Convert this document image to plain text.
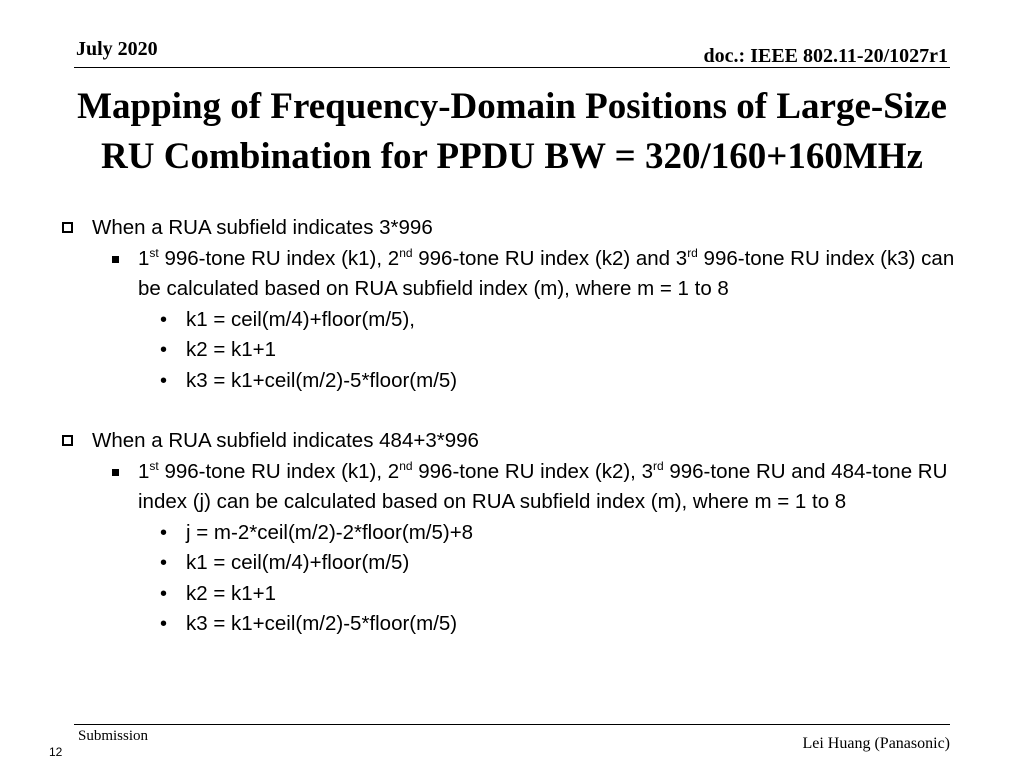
July 2020	doc.: IEEE 802.11-20/1027r1
Mapping of Frequency-Domain Positions of Large-Size
RU Combination for PPDU BW = 320/160+160MHz
When a RUA subfield indicates 3*996
1st 996-tone RU index (k1), 2nd 996-tone RU index (k2) and 3rd 996-tone RU index (k3) can be calculated based on RUA subfield index (m), where m = 1 to 8
• k1 = ceil(m/4)+floor(m/5),
• k2 = k1+1
• k3 = k1+ceil(m/2)-5*floor(m/5)
When a RUA subfield indicates 484+3*996
1st 996-tone RU index (k1), 2nd 996-tone RU index (k2), 3rd 996-tone RU and 484-tone RU index (j) can be calculated based on RUA subfield index (m), where m = 1 to 8
• j = m-2*ceil(m/2)-2*floor(m/5)+8
• k1 = ceil(m/4)+floor(m/5)
• k2 = k1+1
• k3 = k1+ceil(m/2)-5*floor(m/5)
Submission
12	Lei Huang (Panasonic)
